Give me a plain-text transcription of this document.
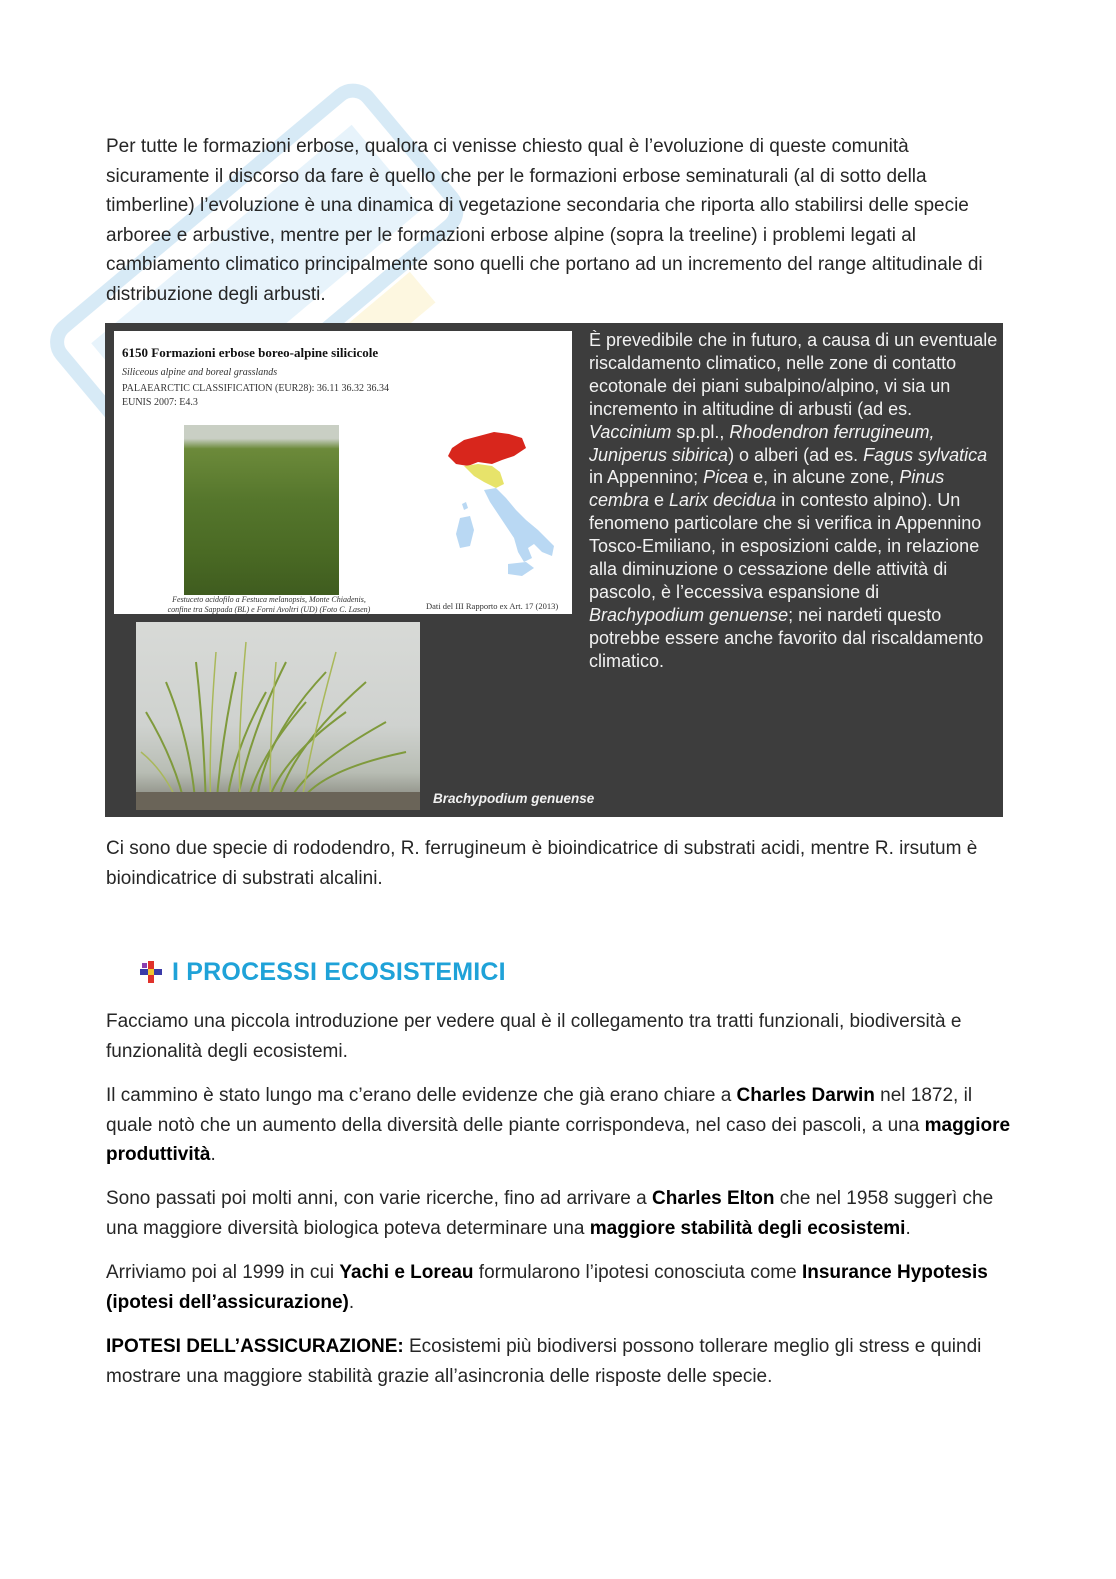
Per tutte le formazioni erbose, qualora ci venisse chiesto qual è l’evoluzione di queste comunità sicuramente il discorso da fare è quello che per le formazioni erbose seminaturali (al di sotto della timberline) l’evoluzione è una dinamica di vegetazione secondaria che riporta allo stabilirsi delle specie arboree e arbustive, mentre per le formazioni erbose alpine (sopra la treeline) i problemi legati al cambiamento climatico principalmente sono quelli che portano ad un incremento del range altitudinale di distribuzione degli arbusti.

6150 Formazioni erbose boreo-alpine silicicole
Siliceous alpine and boreal grasslands
PALAEARCTIC CLASSIFICATION (EUR28): 36.11 36.32 36.34
EUNIS 2007: E4.3
Festuceto acidofilo a Festuca melanopsis, Monte Chiadenis,
confine tra Sappada (BL) e Forni Avoltri (UD) (Foto C. Lasen)	Dati del III Rapporto ex Art. 17 (2013)
Brachypodium genuense
È prevedibile che in futuro, a causa di un eventuale riscaldamento climatico, nelle zone di contatto ecotonale dei piani subalpino/alpino, vi sia un incremento in altitudine di arbusti (ad es. Vaccinium sp.pl., Rhodendron ferrugineum, Juniperus sibirica) o alberi (ad es. Fagus sylvatica in Appennino; Picea e, in alcune zone, Pinus cembra e Larix decidua in contesto alpino). Un fenomeno particolare che si verifica in Appennino Tosco-Emiliano, in esposizioni calde, in relazione alla diminuzione o cessazione delle attività di pascolo, è l’eccessiva espansione di Brachypodium genuense; nei nardeti questo potrebbe essere anche favorito dal riscaldamento climatico.

Ci sono due specie di rododendro, R. ferrugineum è bioindicatrice di substrati acidi, mentre R. irsutum è bioindicatrice di substrati alcalini.

I PROCESSI ECOSISTEMICI

Facciamo una piccola introduzione per vedere qual è il collegamento tra tratti funzionali, biodiversità e funzionalità degli ecosistemi.

Il cammino è stato lungo ma c’erano delle evidenze che già erano chiare a Charles Darwin nel 1872, il quale notò che un aumento della diversità delle piante corrispondeva, nel caso dei pascoli, a una maggiore produttività.

Sono passati poi molti anni, con varie ricerche, fino ad arrivare a Charles Elton che nel 1958 suggerì che una maggiore diversità biologica poteva determinare una maggiore stabilità degli ecosistemi.

Arriviamo poi al 1999 in cui Yachi e Loreau formularono l’ipotesi conosciuta come Insurance Hypotesis (ipotesi dell’assicurazione).

IPOTESI DELL’ASSICURAZIONE: Ecosistemi più biodiversi possono tollerare meglio gli stress e quindi mostrare una maggiore stabilità grazie all’asincronia delle risposte delle specie.
